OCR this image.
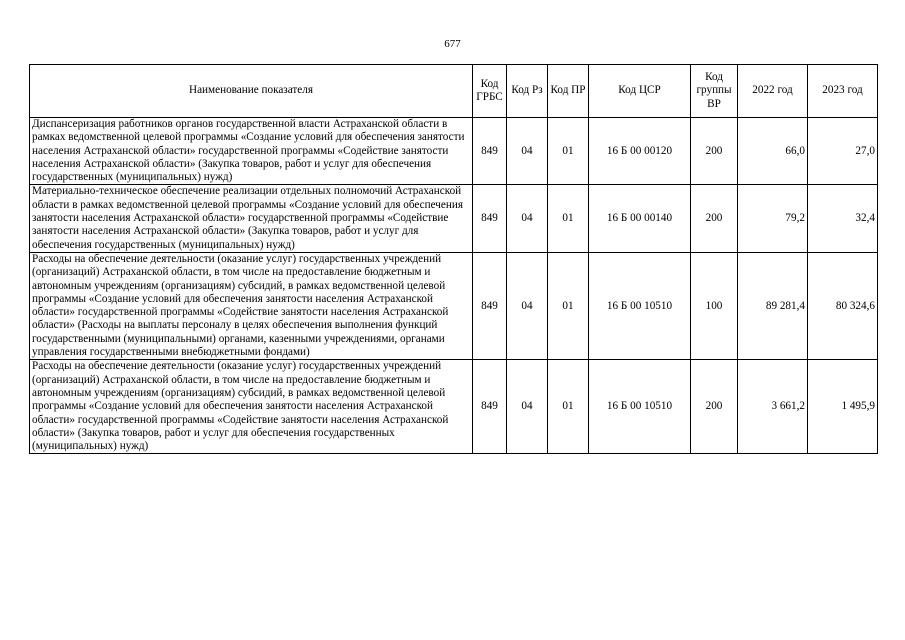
677
Наименование показателя	Код ГРБС	Код Рз	Код ПР	Код ЦСР	Код группы ВР	2022 год	2023 год
Диспансеризация работников органов государственной власти Астраханской области в рамках ведомственной целевой программы «Создание условий для обеспечения занятости населения Астраханской области» государственной программы «Содействие занятости населения Астраханской области» (Закупка товаров, работ и услуг для обеспечения государственных (муниципальных) нужд)	849	04	01	16 Б 00 00120	200	66,0	27,0
Материально-техническое обеспечение реализации отдельных полномочий Астраханской области в рамках ведомственной целевой программы «Создание условий для обеспечения занятости населения Астраханской области» государственной программы «Содействие занятости населения Астраханской области» (Закупка товаров, работ и услуг для обеспечения государственных (муниципальных) нужд)	849	04	01	16 Б 00 00140	200	79,2	32,4
Расходы на обеспечение деятельности (оказание услуг) государственных учреждений (организаций) Астраханской области, в том числе на предоставление бюджетным и автономным учреждениям (организациям) субсидий, в рамках ведомственной целевой программы «Создание условий для обеспечения занятости населения Астраханской области» государственной программы «Содействие занятости населения Астраханской области» (Расходы на выплаты персоналу в целях обеспечения выполнения функций государственными (муниципальными) органами, казенными учреждениями, органами управления государственными внебюджетными фондами)	849	04	01	16 Б 00 10510	100	89 281,4	80 324,6
Расходы на обеспечение деятельности (оказание услуг) государственных учреждений (организаций) Астраханской области, в том числе на предоставление бюджетным и автономным учреждениям (организациям) субсидий, в рамках ведомственной целевой программы «Создание условий для обеспечения занятости населения Астраханской области» государственной программы «Содействие занятости населения Астраханской области» (Закупка товаров, работ и услуг для обеспечения государственных (муниципальных) нужд)	849	04	01	16 Б 00 10510	200	3 661,2	1 495,9
